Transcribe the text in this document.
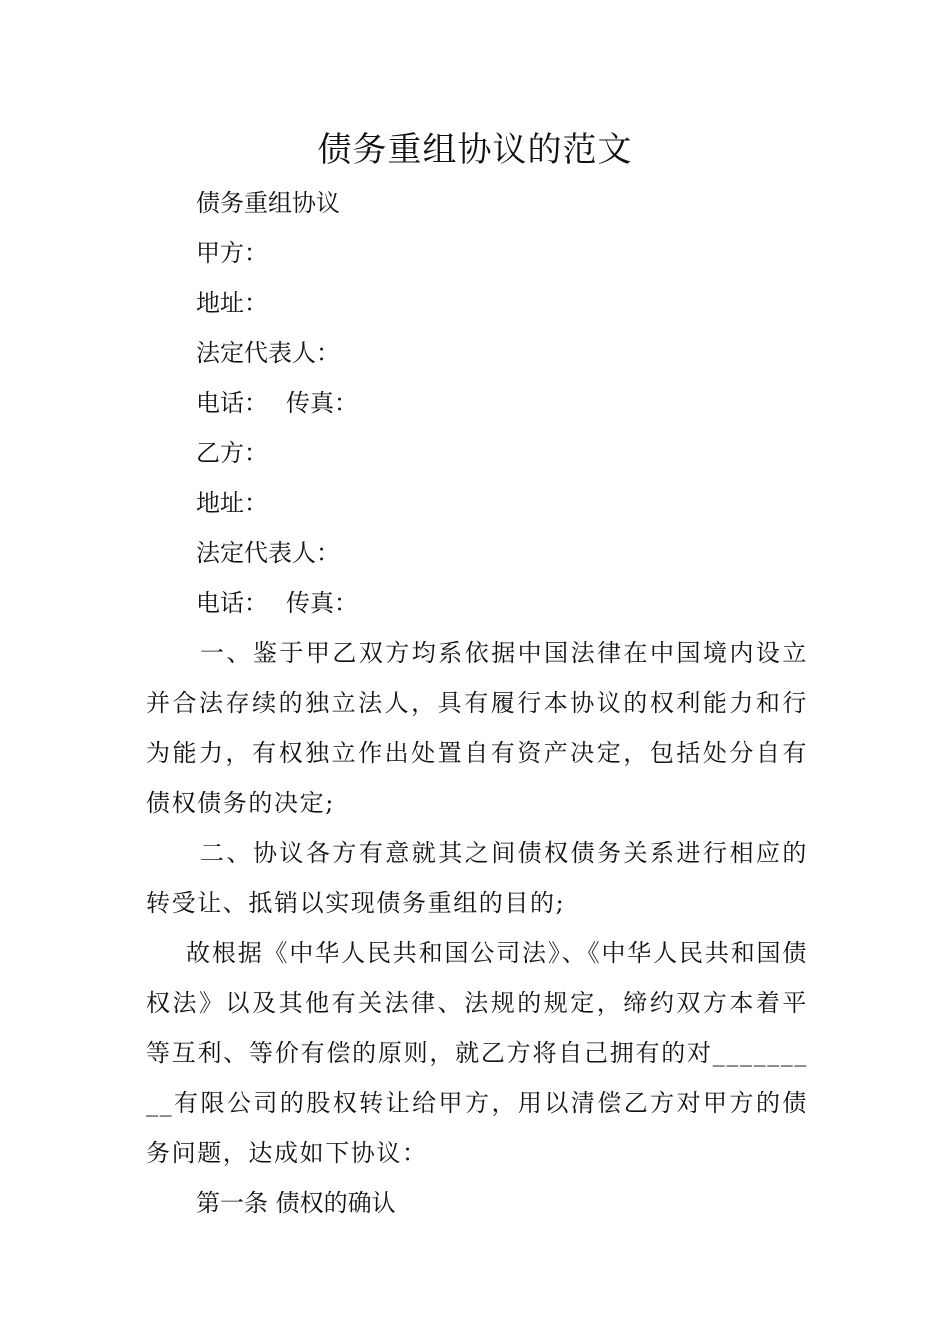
债务重组协议的范文

债务重组协议

甲方：

地址：

法定代表人：

电话： 传真：

乙方：

地址：

法定代表人：

电话： 传真：

一、鉴于甲乙双方均系依据中国法律在中国境内设立并合法存续的独立法人，具有履行本协议的权利能力和行为能力，有权独立作出处置自有资产决定，包括处分自有债权债务的决定;

二、协议各方有意就其之间债权债务关系进行相应的转受让、抵销以实现债务重组的目的;

故根据《中华人民共和国公司法》、《中华人民共和国债权法》以及其他有关法律、法规的规定，缔约双方本着平等互利、等价有偿的原则，就乙方将自己拥有的对_________有限公司的股权转让给甲方，用以清偿乙方对甲方的债务问题，达成如下协议：

第一条 债权的确认
